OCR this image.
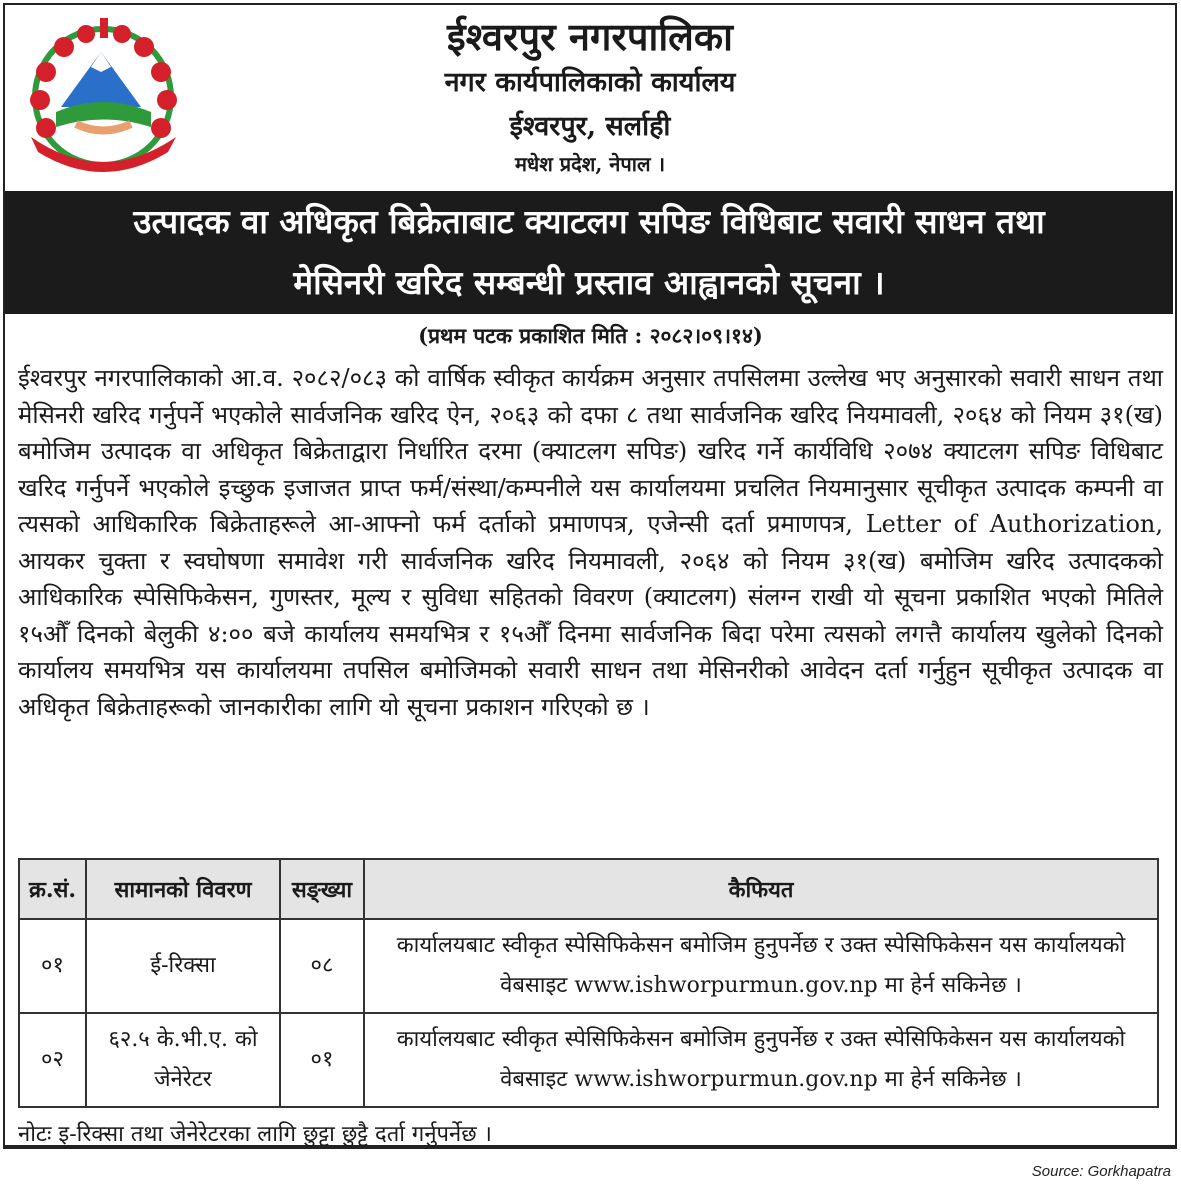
ईश्वरपुर नगरपालिका
नगर कार्यपालिकाको कार्यालय
ईश्वरपुर, सर्लाही
मधेश प्रदेश, नेपाल ।
उत्पादक वा अधिकृत बिक्रेताबाट क्याटलग सपिङ विधिबाट सवारी साधन तथा
मेसिनरी खरिद सम्बन्धी प्रस्ताव आह्वानको सूचना ।
(प्रथम पटक प्रकाशित मिति : २०८२।०९।१४)
ईश्वरपुर नगरपालिकाको आ.व. २०८२/०८३ को वार्षिक स्वीकृत कार्यक्रम अनुसार तपसिलमा उल्लेख भए अनुसारको सवारी साधन तथा मेसिनरी खरिद गर्नुपर्ने भएकोले सार्वजनिक खरिद ऐन, २०६३ को दफा ८ तथा सार्वजनिक खरिद नियमावली, २०६४ को नियम ३१(ख) बमोजिम उत्पादक वा अधिकृत बिक्रेताद्वारा निर्धारित दरमा (क्याटलग सपिङ) खरिद गर्ने कार्यविधि २०७४ क्याटलग सपिङ विधिबाट खरिद गर्नुपर्ने भएकोले इच्छुक इजाजत प्राप्त फर्म/संस्था/कम्पनीले यस कार्यालयमा प्रचलित नियमानुसार सूचीकृत उत्पादक कम्पनी वा त्यसको आधिकारिक बिक्रेताहरूले आ-आफ्नो फर्म दर्ताको प्रमाणपत्र, एजेन्सी दर्ता प्रमाणपत्र, Letter of Authorization, आयकर चुक्ता र स्वघोषणा समावेश गरी सार्वजनिक खरिद नियमावली, २०६४ को नियम ३१(ख) बमोजिम खरिद उत्पादकको आधिकारिक स्पेसिफिकेसन, गुणस्तर, मूल्य र सुविधा सहितको विवरण (क्याटलग) संलग्न राखी यो सूचना प्रकाशित भएको मितिले १५औँ दिनको बेलुकी ४:०० बजे कार्यालय समयभित्र र १५औँ दिनमा सार्वजनिक बिदा परेमा त्यसको लगत्तै कार्यालय खुलेको दिनको कार्यालय समयभित्र यस कार्यालयमा तपसिल बमोजिमको सवारी साधन तथा मेसिनरीको आवेदन दर्ता गर्नुहुन सूचीकृत उत्पादक वा अधिकृत बिक्रेताहरूको जानकारीका लागि यो सूचना प्रकाशन गरिएको छ ।
क्र.सं.	सामानको विवरण	सङ्ख्या	कैफियत
०१	ई-रिक्सा	०८	कार्यालयबाट स्वीकृत स्पेसिफिकेसन बमोजिम हुनुपर्नेछ र उक्त स्पेसिफिकेसन यस कार्यालयको वेबसाइट www.ishworpurmun.gov.np मा हेर्न सकिनेछ ।
०२	६२.५ के.भी.ए. को जेनेरेटर	०१	कार्यालयबाट स्वीकृत स्पेसिफिकेसन बमोजिम हुनुपर्नेछ र उक्त स्पेसिफिकेसन यस कार्यालयको वेबसाइट www.ishworpurmun.gov.np मा हेर्न सकिनेछ ।
नोटः इ-रिक्सा तथा जेनेरेटरका लागि छुट्टा छुट्टै दर्ता गर्नुपर्नेछ ।
Source: Gorkhapatra
